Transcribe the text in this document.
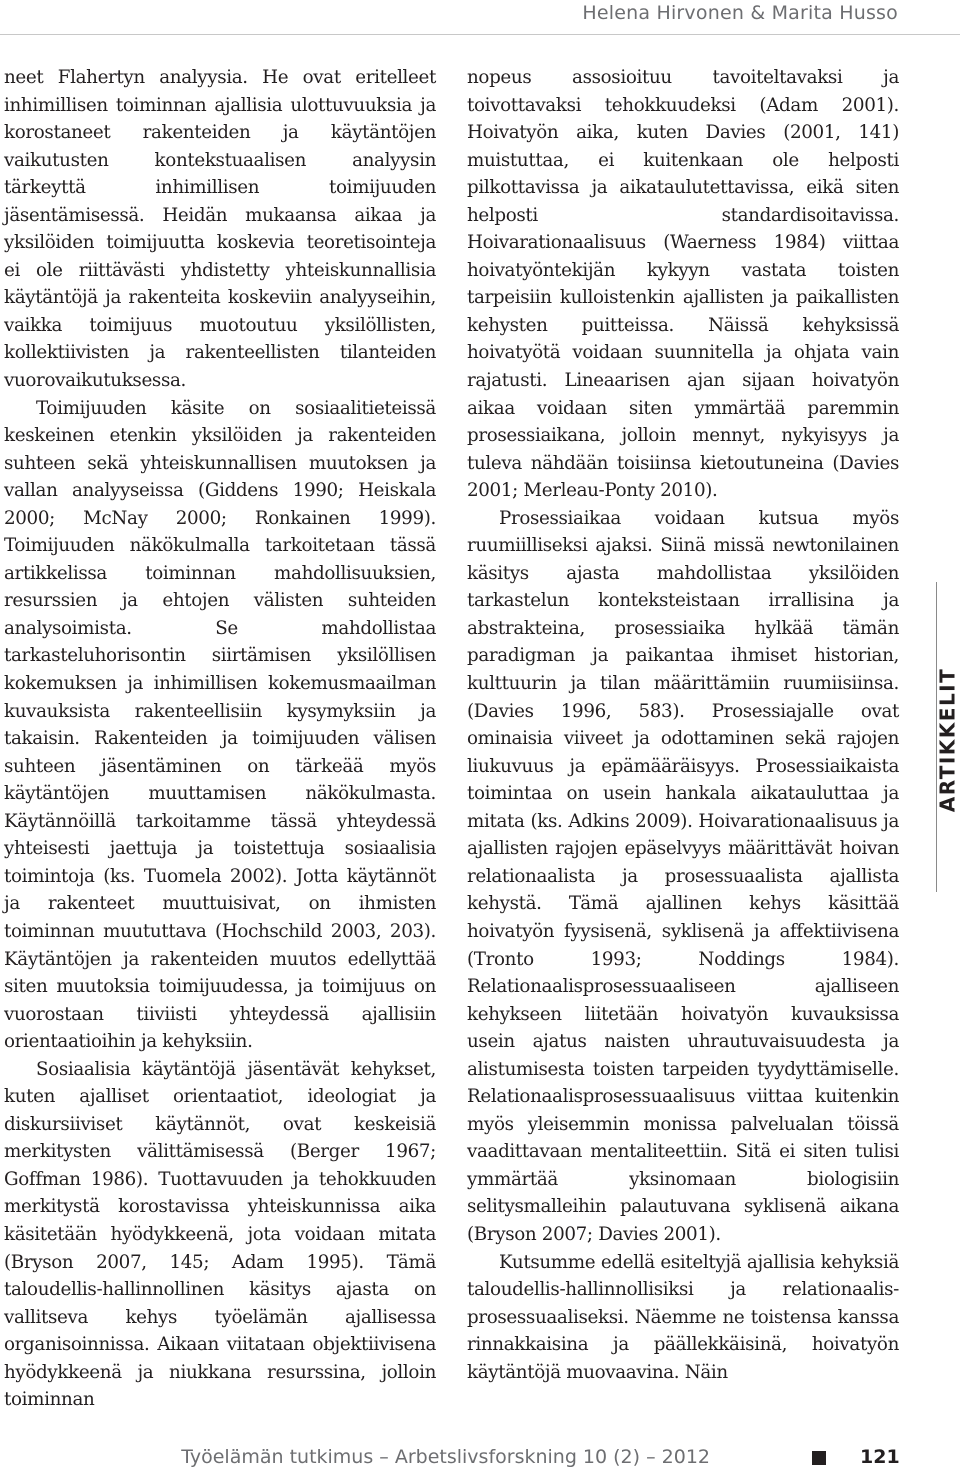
Helena Hirvonen & Marita Husso

neet Flahertyn analyysia. He ovat eritelleet inhimillisen toiminnan ajallisia ulottuvuuksia ja korostaneet rakenteiden ja käytäntöjen vaikutusten kontekstuaalisen analyysin tärkeyttä inhimillisen toimijuuden jäsentämisessä. Heidän mukaansa aikaa ja yksilöiden toimijuutta koskevia teoretisointeja ei ole riittävästi yhdistetty yhteiskunnallisia käytäntöjä ja rakenteita koskeviin analyyseihin, vaikka toimijuus muotoutuu yksilöllisten, kollektiivisten ja rakenteellisten tilanteiden vuorovaikutuksessa.

Toimijuuden käsite on sosiaalitieteissä keskeinen etenkin yksilöiden ja rakenteiden suhteen sekä yhteiskunnallisen muutoksen ja vallan analyyseissa (Giddens 1990; Heiskala 2000; McNay 2000; Ronkainen 1999). Toimijuuden näkökulmalla tarkoitetaan tässä artikkelissa toiminnan mahdollisuuksien, resurssien ja ehtojen välisten suhteiden analysoimista. Se mahdollistaa tarkasteluhorisontin siirtämisen yksilöllisen kokemuksen ja inhimillisen kokemusmaailman kuvauksista rakenteellisiin kysymyksiin ja takaisin. Rakenteiden ja toimijuuden välisen suhteen jäsentäminen on tärkeää myös käytäntöjen muuttamisen näkökulmasta. Käytännöillä tarkoitamme tässä yhteydessä yhteisesti jaettuja ja toistettuja sosiaalisia toimintoja (ks. Tuomela 2002). Jotta käytännöt ja rakenteet muuttuisivat, on ihmisten toiminnan muututtava (Hochschild 2003, 203). Käytäntöjen ja rakenteiden muutos edellyttää siten muutoksia toimijuudessa, ja toimijuus on vuorostaan tiiviisti yhteydessä ajallisiin orientaatioihin ja kehyksiin.

Sosiaalisia käytäntöjä jäsentävät kehykset, kuten ajalliset orientaatiot, ideologiat ja diskursiiviset käytännöt, ovat keskeisiä merkitysten välittämisessä (Berger 1967; Goffman 1986). Tuottavuuden ja tehokkuuden merkitystä korostavissa yhteiskunnissa aika käsitetään hyödykkeenä, jota voidaan mitata (Bryson 2007, 145; Adam 1995). Tämä taloudellis-hallinnollinen käsitys ajasta on vallitseva kehys työelämän ajallisessa organisoinnissa. Aikaan viitataan objektiivisena hyödykkeenä ja niukkana resurssina, jolloin toiminnan

nopeus assosioituu tavoiteltavaksi ja toivottavaksi tehokkuudeksi (Adam 2001). Hoivatyön aika, kuten Davies (2001, 141) muistuttaa, ei kuitenkaan ole helposti pilkottavissa ja aikataulutettavissa, eikä siten helposti standardisoitavissa. Hoivarationaalisuus (Waerness 1984) viittaa hoivatyöntekijän kykyyn vastata toisten tarpeisiin kulloistenkin ajallisten ja paikallisten kehysten puitteissa. Näissä kehyksissä hoivatyötä voidaan suunnitella ja ohjata vain rajatusti. Lineaarisen ajan sijaan hoivatyön aikaa voidaan siten ymmärtää paremmin prosessiaikana, jolloin mennyt, nykyisyys ja tuleva nähdään toisiinsa kietoutuneina (Davies 2001; Merleau-Ponty 2010).

Prosessiaikaa voidaan kutsua myös ruumiilliseksi ajaksi. Siinä missä newtonilainen käsitys ajasta mahdollistaa yksilöiden tarkastelun konteksteistaan irrallisina ja abstrakteina, prosessiaika hylkää tämän paradigman ja paikantaa ihmiset historian, kulttuurin ja tilan määrittämiin ruumiisiinsa. (Davies 1996, 583). Prosessiajalle ovat ominaisia viiveet ja odottaminen sekä rajojen liukuvuus ja epämääräisyys. Prosessiaikaista toimintaa on usein hankala aikatauluttaa ja mitata (ks. Adkins 2009). Hoivarationaalisuus ja ajallisten rajojen epäselvyys määrittävät hoivan relationaalista ja prosessuaalista ajallista kehystä. Tämä ajallinen kehys käsittää hoivatyön fyysisenä, syklisenä ja affektiivisena (Tronto 1993; Noddings 1984). Relationaalisprosessuaaliseen ajalliseen kehykseen liitetään hoivatyön kuvauksissa usein ajatus naisten uhrautuvaisuudesta ja alistumisesta toisten tarpeiden tyydyttämiselle. Relationaalisprosessuaalisuus viittaa kuitenkin myös yleisemmin monissa palvelualan töissä vaadittavaan mentaliteettiin. Sitä ei siten tulisi ymmärtää yksinomaan biologisiin selitysmalleihin palautuvana syklisenä aikana (Bryson 2007; Davies 2001).

Kutsumme edellä esiteltyjä ajallisia kehyksiä taloudellis-hallinnollisiksi ja relationaalis-prosessuaaliseksi. Näemme ne toistensa kanssa rinnakkaisina ja päällekkäisinä, hoivatyön käytäntöjä muovaavina. Näin

ARTIKKELIT
Työelämän tutkimus – Arbetslivsforskning 10 (2) – 2012	121
